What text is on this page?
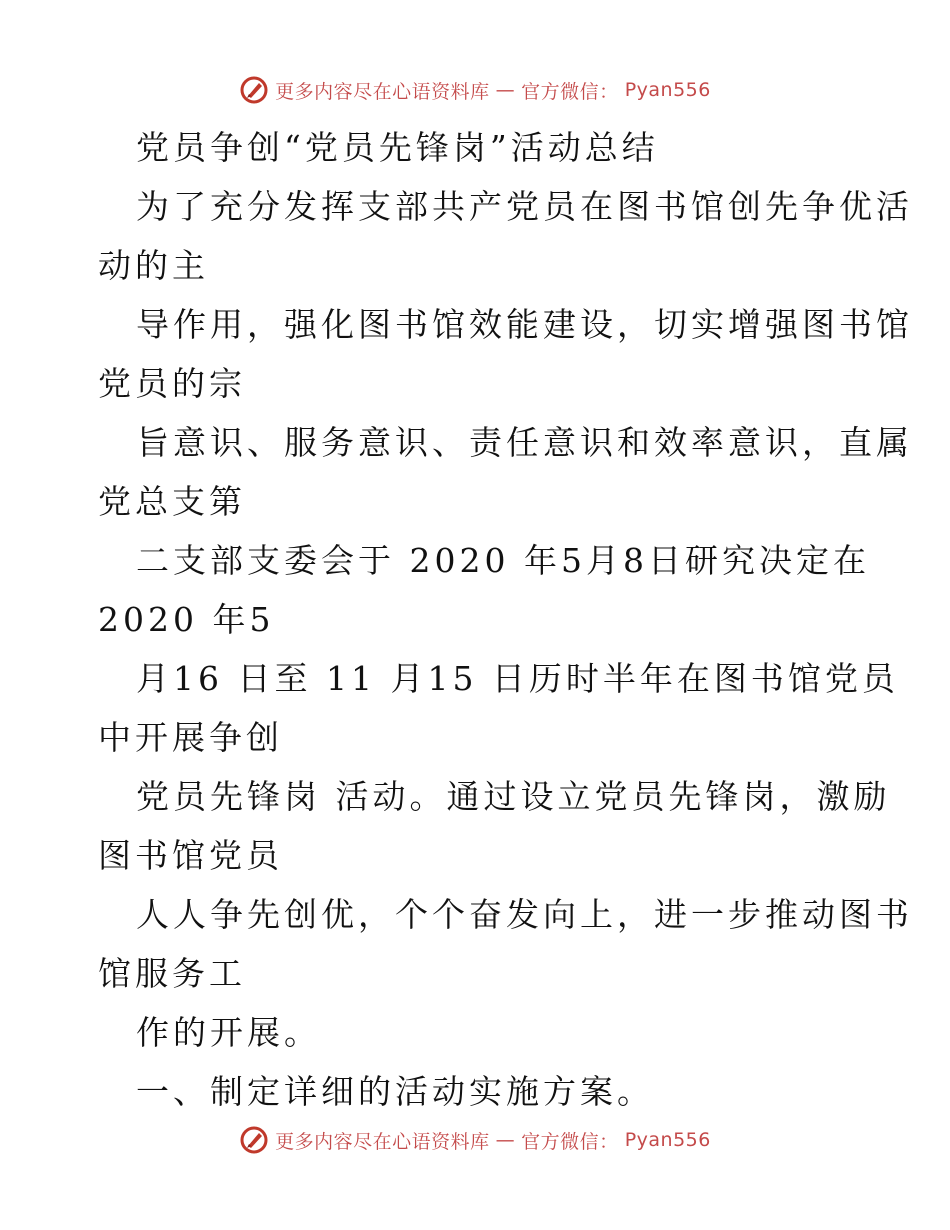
更多内容尽在心语资料库 — 官方微信： Pyan556
党员争创“党员先锋岗”活动总结
为了充分发挥支部共产党员在图书馆创先争优活
动的主
导作用，强化图书馆效能建设，切实增强图书馆
党员的宗
旨意识、服务意识、责任意识和效率意识，直属
党总支第
二支部支委会于 2020 年5月8日研究决定在
2020 年5
月16 日至 11 月15 日历时半年在图书馆党员
中开展争创
党员先锋岗 活动。通过设立党员先锋岗，激励
图书馆党员
人人争先创优，个个奋发向上，进一步推动图书
馆服务工
作的开展。
一、制定详细的活动实施方案。
更多内容尽在心语资料库 — 官方微信： Pyan556
